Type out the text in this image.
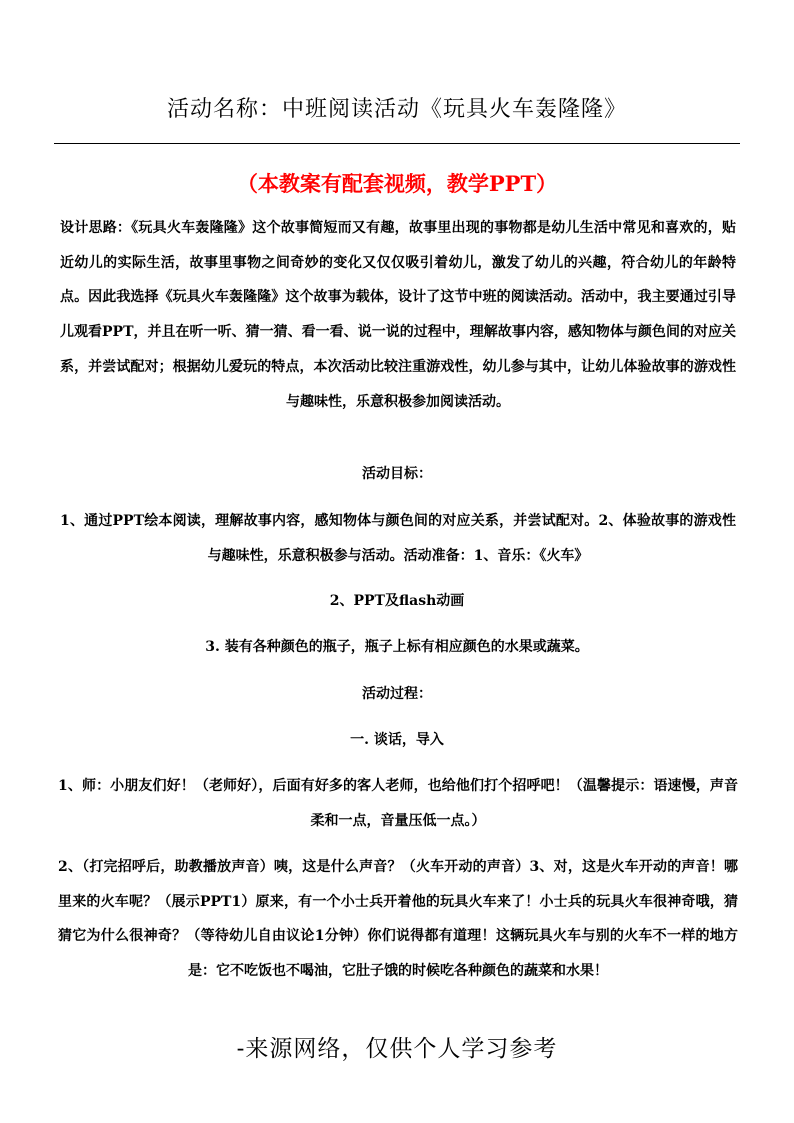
活动名称：中班阅读活动《玩具火车轰隆隆》
（本教案有配套视频，教学PPT）
设计思路：《玩具火车轰隆隆》这个故事简短而又有趣，故事里出现的事物都是幼儿生活中常见和喜欢的，贴近幼儿的实际生活，故事里事物之间奇妙的变化又仅仅吸引着幼儿，激发了幼儿的兴趣，符合幼儿的年龄特点。因此我选择《玩具火车轰隆隆》这个故事为载体，设计了这节中班的阅读活动。活动中，我主要通过引导儿观看PPT，并且在听一听、猜一猜、看一看、说一说的过程中，理解故事内容，感知物体与颜色间的对应关系，并尝试配对；根据幼儿爱玩的特点，本次活动比较注重游戏性，幼儿参与其中，让幼儿体验故事的游戏性与趣味性，乐意积极参加阅读活动。
活动目标：
1、通过PPT绘本阅读，理解故事内容，感知物体与颜色间的对应关系，并尝试配对。2、体验故事的游戏性与趣味性，乐意积极参与活动。活动准备：1、音乐：《火车》
2、PPT及flash动画
3. 装有各种颜色的瓶子，瓶子上标有相应颜色的水果或蔬菜。
活动过程：
一. 谈话，导入
1、师：小朋友们好！（老师好），后面有好多的客人老师，也给他们打个招呼吧！（温馨提示：语速慢，声音柔和一点，音量压低一点。）
2、（打完招呼后，助教播放声音）咦，这是什么声音？（火车开动的声音）3、对，这是火车开动的声音！哪里来的火车呢？（展示PPT1）原来，有一个小士兵开着他的玩具火车来了！小士兵的玩具火车很神奇哦，猜猜它为什么很神奇？（等待幼儿自由议论1分钟）你们说得都有道理！这辆玩具火车与别的火车不一样的地方是：它不吃饭也不喝油，它肚子饿的时候吃各种颜色的蔬菜和水果！
-来源网络，仅供个人学习参考
